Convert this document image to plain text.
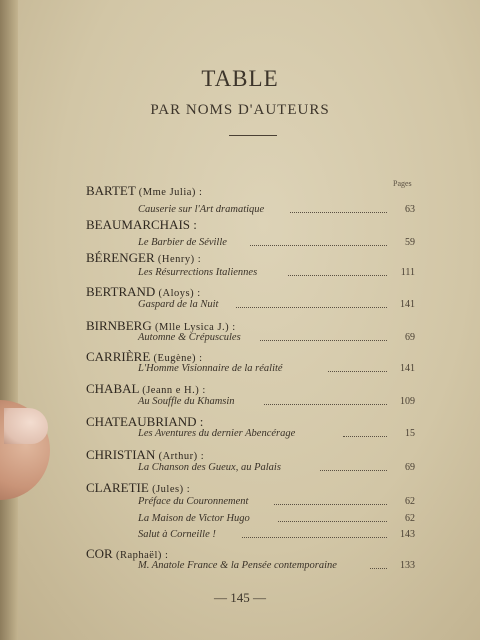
TABLE
PAR NOMS D'AUTEURS
Pages
BARTET (Mme Julia) :
Causerie sur l'Art dramatique	63
BEAUMARCHAIS :
Le Barbier de Séville	59
BÉRENGER (Henry) :
Les Résurrections Italiennes	111
BERTRAND (Aloys) :
Gaspard de la Nuit	141
BIRNBERG (Mlle Lysica J.) :
Automne & Crépuscules	69
CARRIÈRE (Eugène) :
L'Homme Visionnaire de la réalité	141
CHABAL (Jeann e H.) :
Au Souffle du Khamsin	109
CHATEAUBRIAND :
Les Aventures du dernier Abencérage	15
CHRISTIAN (Arthur) :
La Chanson des Gueux, au Palais	69
CLARETIE (Jules) :
Préface du Couronnement	62
La Maison de Victor Hugo	62
Salut à Corneille !	143
COR (Raphaël) :
M. Anatole France & la Pensée contemporaine	133
— 145 —
